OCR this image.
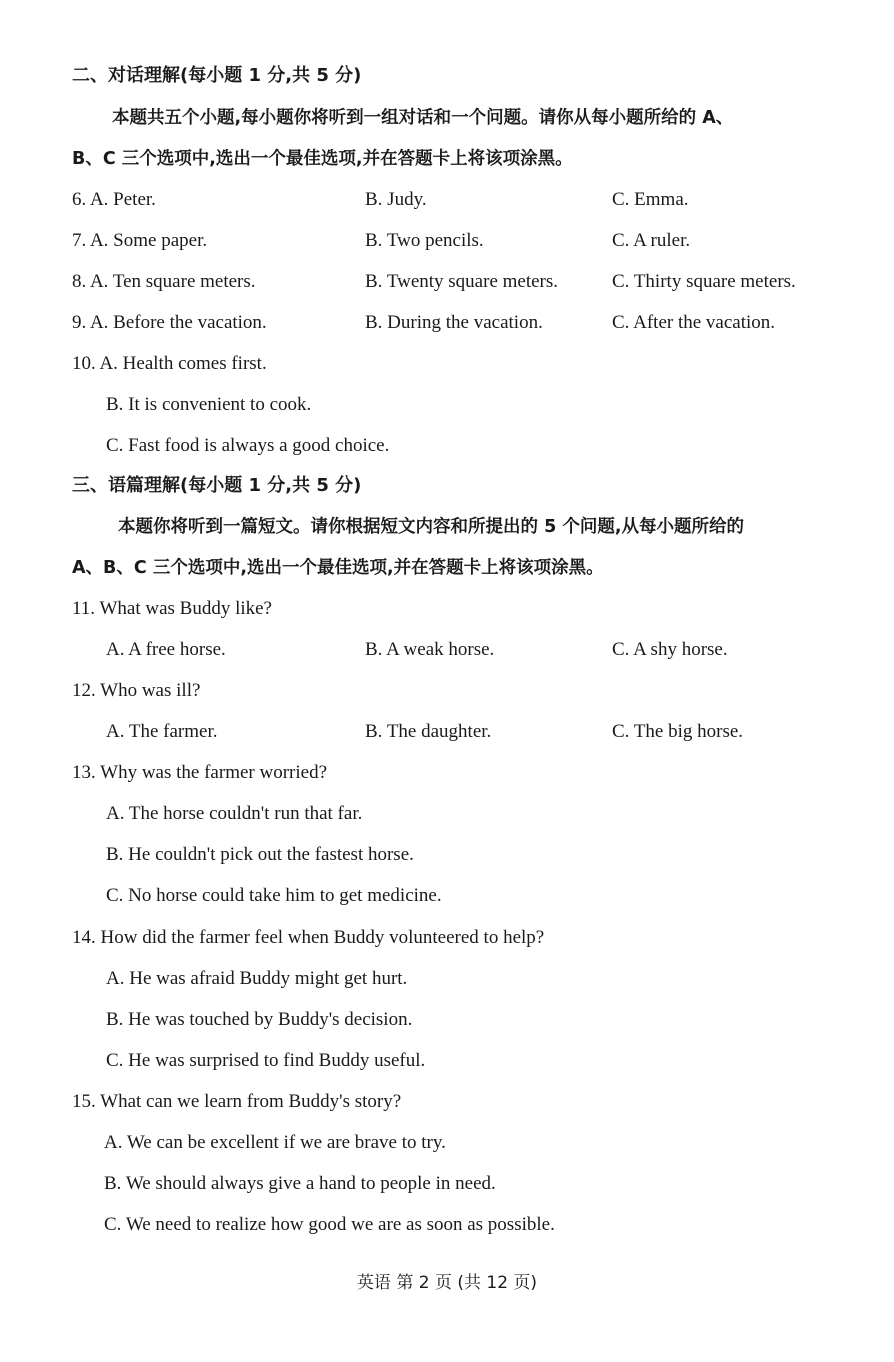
二、对话理解(每小题 1 分,共 5 分)
本题共五个小题,每小题你将听到一组对话和一个问题。请你从每小题所给的 A、
B、C 三个选项中,选出一个最佳选项,并在答题卡上将该项涂黑。
6. A. Peter.	B. Judy.	C. Emma.
7. A. Some paper.	B. Two pencils.	C. A ruler.
8. A. Ten square meters.	B. Twenty square meters.	C. Thirty square meters.
9. A. Before the vacation.	B. During the vacation.	C. After the vacation.
10. A. Health comes first.
B. It is convenient to cook.
C. Fast food is always a good choice.
三、语篇理解(每小题 1 分,共 5 分)
本题你将听到一篇短文。请你根据短文内容和所提出的 5 个问题,从每小题所给的
A、B、C 三个选项中,选出一个最佳选项,并在答题卡上将该项涂黑。
11. What was Buddy like?
A. A free horse.	B. A weak horse.	C. A shy horse.
12. Who was ill?
A. The farmer.	B. The daughter.	C. The big horse.
13. Why was the farmer worried?
A. The horse couldn't run that far.
B. He couldn't pick out the fastest horse.
C. No horse could take him to get medicine.
14. How did the farmer feel when Buddy volunteered to help?
A. He was afraid Buddy might get hurt.
B. He was touched by Buddy's decision.
C. He was surprised to find Buddy useful.
15. What can we learn from Buddy's story?
A. We can be excellent if we are brave to try.
B. We should always give a hand to people in need.
C. We need to realize how good we are as soon as possible.
英语 第 2 页 (共 12 页)
